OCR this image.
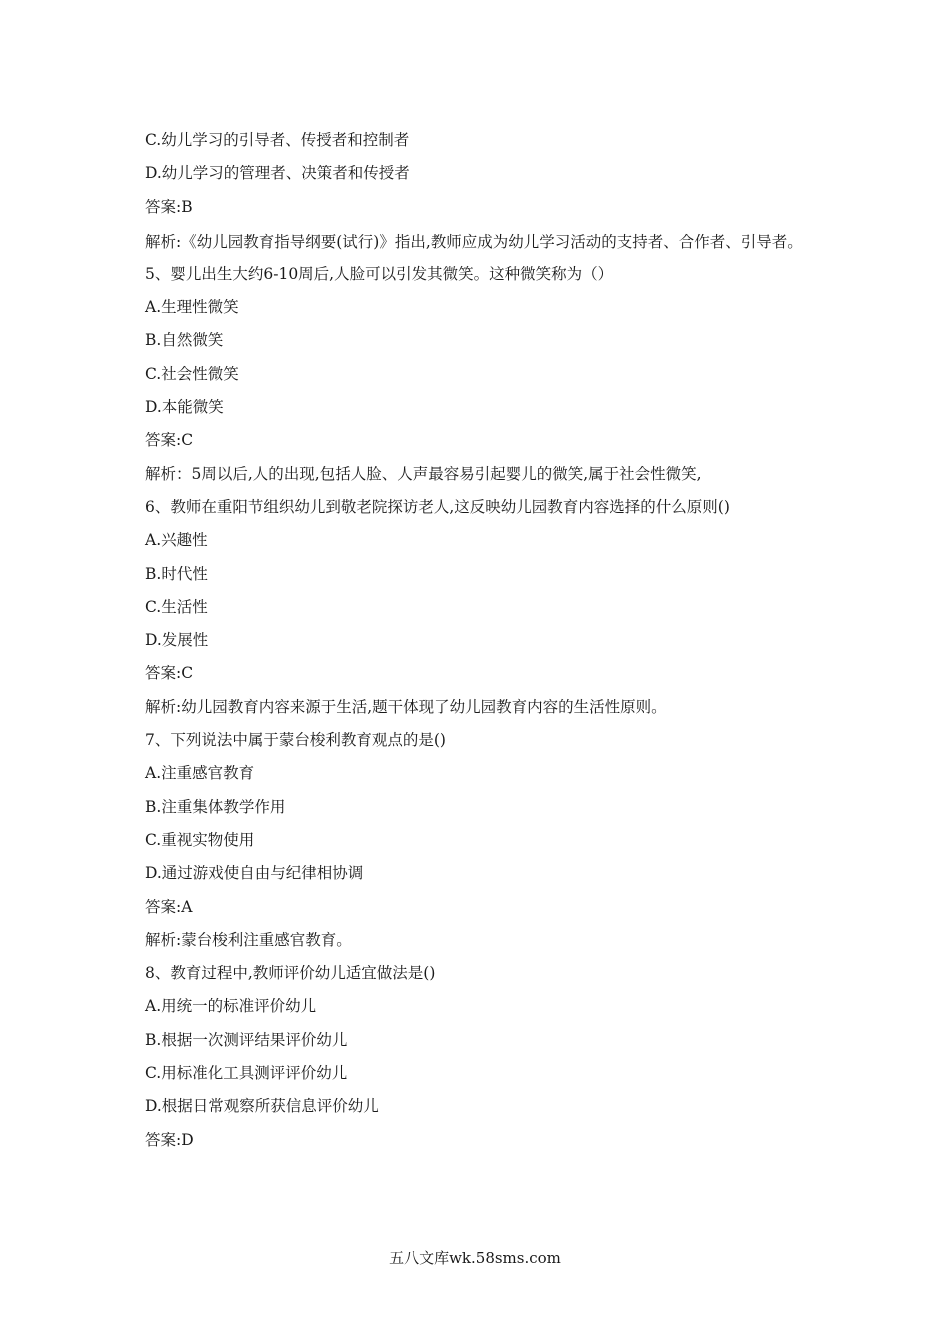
C.幼儿学习的引导者、传授者和控制者
D.幼儿学习的管理者、决策者和传授者
答案:B
解析:《幼儿园教育指导纲要(试行)》指出,教师应成为幼儿学习活动的支持者、合作者、引导者。
5、婴儿出生大约6-10周后,人脸可以引发其微笑。这种微笑称为（）
A.生理性微笑
B.自然微笑
C.社会性微笑
D.本能微笑
答案:C
解析：5周以后,人的出现,包括人脸、人声最容易引起婴儿的微笑,属于社会性微笑,
6、教师在重阳节组织幼儿到敬老院探访老人,这反映幼儿园教育内容选择的什么原则()
A.兴趣性
B.时代性
C.生活性
D.发展性
答案:C
解析:幼儿园教育内容来源于生活,题干体现了幼儿园教育内容的生活性原则。
7、下列说法中属于蒙台梭利教育观点的是()
A.注重感官教育
B.注重集体教学作用
C.重视实物使用
D.通过游戏使自由与纪律相协调
答案:A
解析:蒙台梭利注重感官教育。
8、教育过程中,教师评价幼儿适宜做法是()
A.用统一的标准评价幼儿
B.根据一次测评结果评价幼儿
C.用标准化工具测评评价幼儿
D.根据日常观察所获信息评价幼儿
答案:D
五八文库wk.58sms.com
